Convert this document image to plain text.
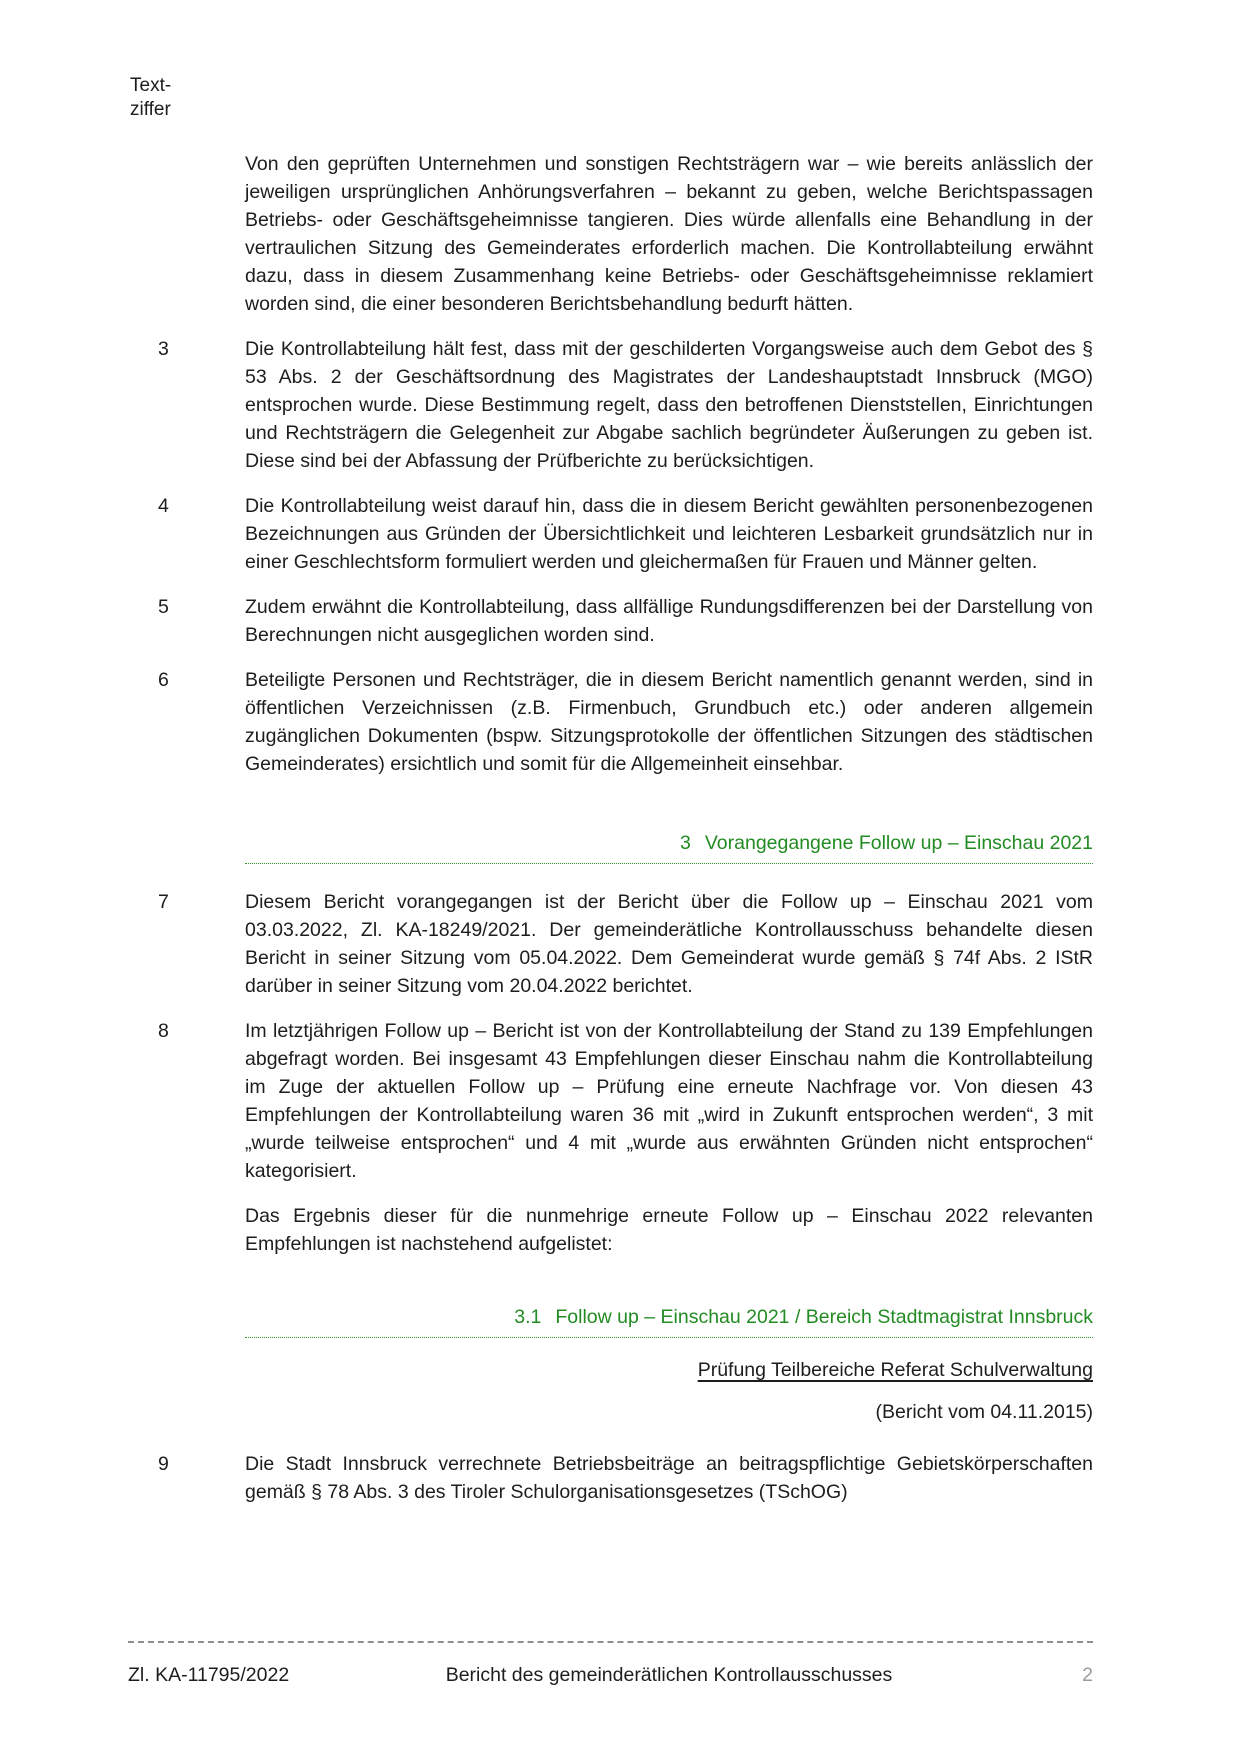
Text-
ziffer
Von den geprüften Unternehmen und sonstigen Rechtsträgern war – wie bereits anlässlich der jeweiligen ursprünglichen Anhörungsverfahren – bekannt zu geben, welche Berichtspassagen Betriebs- oder Geschäftsgeheimnisse tangieren. Dies würde allenfalls eine Behandlung in der vertraulichen Sitzung des Gemeinderates erforderlich machen. Die Kontrollabteilung erwähnt dazu, dass in diesem Zusammenhang keine Betriebs- oder Geschäftsgeheimnisse reklamiert worden sind, die einer besonderen Berichtsbehandlung bedurft hätten.
3	Die Kontrollabteilung hält fest, dass mit der geschilderten Vorgangsweise auch dem Gebot des § 53 Abs. 2 der Geschäftsordnung des Magistrates der Landeshauptstadt Innsbruck (MGO) entsprochen wurde. Diese Bestimmung regelt, dass den betroffenen Dienststellen, Einrichtungen und Rechtsträgern die Gelegenheit zur Abgabe sachlich begründeter Äußerungen zu geben ist. Diese sind bei der Abfassung der Prüfberichte zu berücksichtigen.
4	Die Kontrollabteilung weist darauf hin, dass die in diesem Bericht gewählten personenbezogenen Bezeichnungen aus Gründen der Übersichtlichkeit und leichteren Lesbarkeit grundsätzlich nur in einer Geschlechtsform formuliert werden und gleichermaßen für Frauen und Männer gelten.
5	Zudem erwähnt die Kontrollabteilung, dass allfällige Rundungsdifferenzen bei der Darstellung von Berechnungen nicht ausgeglichen worden sind.
6	Beteiligte Personen und Rechtsträger, die in diesem Bericht namentlich genannt werden, sind in öffentlichen Verzeichnissen (z.B. Firmenbuch, Grundbuch etc.) oder anderen allgemein zugänglichen Dokumenten (bspw. Sitzungsprotokolle der öffentlichen Sitzungen des städtischen Gemeinderates) ersichtlich und somit für die Allgemeinheit einsehbar.
3 Vorangegangene Follow up – Einschau 2021
7	Diesem Bericht vorangegangen ist der Bericht über die Follow up – Einschau 2021 vom 03.03.2022, Zl. KA-18249/2021. Der gemeinderätliche Kontrollausschuss behandelte diesen Bericht in seiner Sitzung vom 05.04.2022. Dem Gemeinderat wurde gemäß § 74f Abs. 2 IStR darüber in seiner Sitzung vom 20.04.2022 berichtet.
8	Im letztjährigen Follow up – Bericht ist von der Kontrollabteilung der Stand zu 139 Empfehlungen abgefragt worden. Bei insgesamt 43 Empfehlungen dieser Einschau nahm die Kontrollabteilung im Zuge der aktuellen Follow up – Prüfung eine erneute Nachfrage vor. Von diesen 43 Empfehlungen der Kontrollabteilung waren 36 mit „wird in Zukunft entsprochen werden“, 3 mit „wurde teilweise entsprochen“ und 4 mit „wurde aus erwähnten Gründen nicht entsprochen“ kategorisiert.
Das Ergebnis dieser für die nunmehrige erneute Follow up – Einschau 2022 relevanten Empfehlungen ist nachstehend aufgelistet:
3.1 Follow up – Einschau 2021 / Bereich Stadtmagistrat Innsbruck
Prüfung Teilbereiche Referat Schulverwaltung
(Bericht vom 04.11.2015)
9	Die Stadt Innsbruck verrechnete Betriebsbeiträge an beitragspflichtige Gebietskörperschaften gemäß § 78 Abs. 3 des Tiroler Schulorganisationsgesetzes (TSchOG)
Zl. KA-11795/2022	Bericht des gemeinderätlichen Kontrollausschusses	2
